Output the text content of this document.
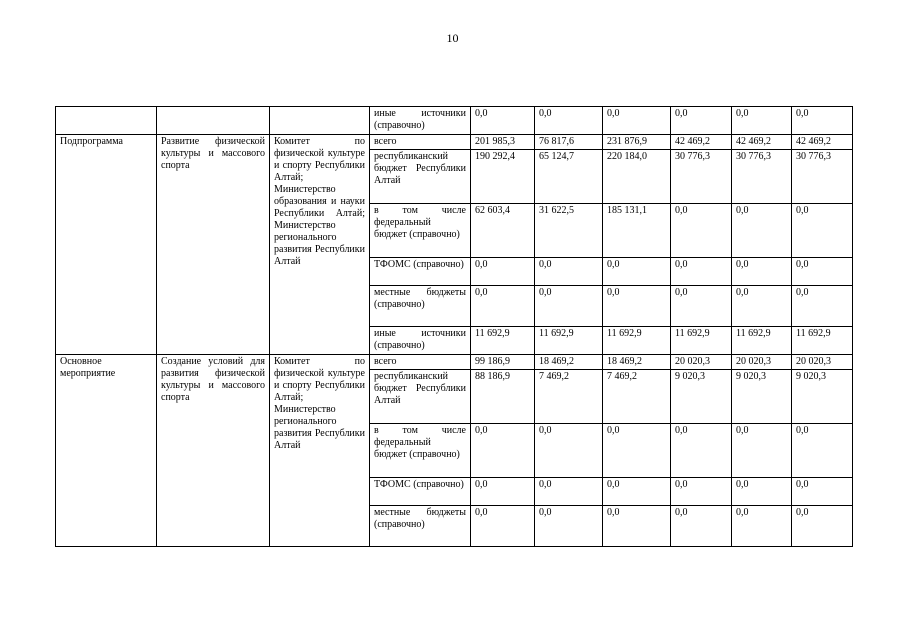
10
			иные источники (справочно)	0,0	0,0	0,0	0,0	0,0	0,0
Подпрограмма	Развитие физической культуры и массового спорта	Комитет по физической культуре и спорту Республики Алтай; Министерство образования и науки Республики Алтай; Министерство регионального развития Республики Алтай	всего	201 985,3	76 817,6	231 876,9	42 469,2	42 469,2	42 469,2
			республиканский бюджет Республики Алтай	190 292,4	65 124,7	220 184,0	30 776,3	30 776,3	30 776,3
			в том числе федеральный бюджет (справочно)	62 603,4	31 622,5	185 131,1	0,0	0,0	0,0
			ТФОМС (справочно)	0,0	0,0	0,0	0,0	0,0	0,0
			местные бюджеты (справочно)	0,0	0,0	0,0	0,0	0,0	0,0
			иные источники (справочно)	11 692,9	11 692,9	11 692,9	11 692,9	11 692,9	11 692,9
Основное мероприятие	Создание условий для развития физической культуры и массового спорта	Комитет по физической культуре и спорту Республики Алтай; Министерство регионального развития Республики Алтай	всего	99 186,9	18 469,2	18 469,2	20 020,3	20 020,3	20 020,3
			республиканский бюджет Республики Алтай	88 186,9	7 469,2	7 469,2	9 020,3	9 020,3	9 020,3
			в том числе федеральный бюджет (справочно)	0,0	0,0	0,0	0,0	0,0	0,0
			ТФОМС (справочно)	0,0	0,0	0,0	0,0	0,0	0,0
			местные бюджеты (справочно)	0,0	0,0	0,0	0,0	0,0	0,0
